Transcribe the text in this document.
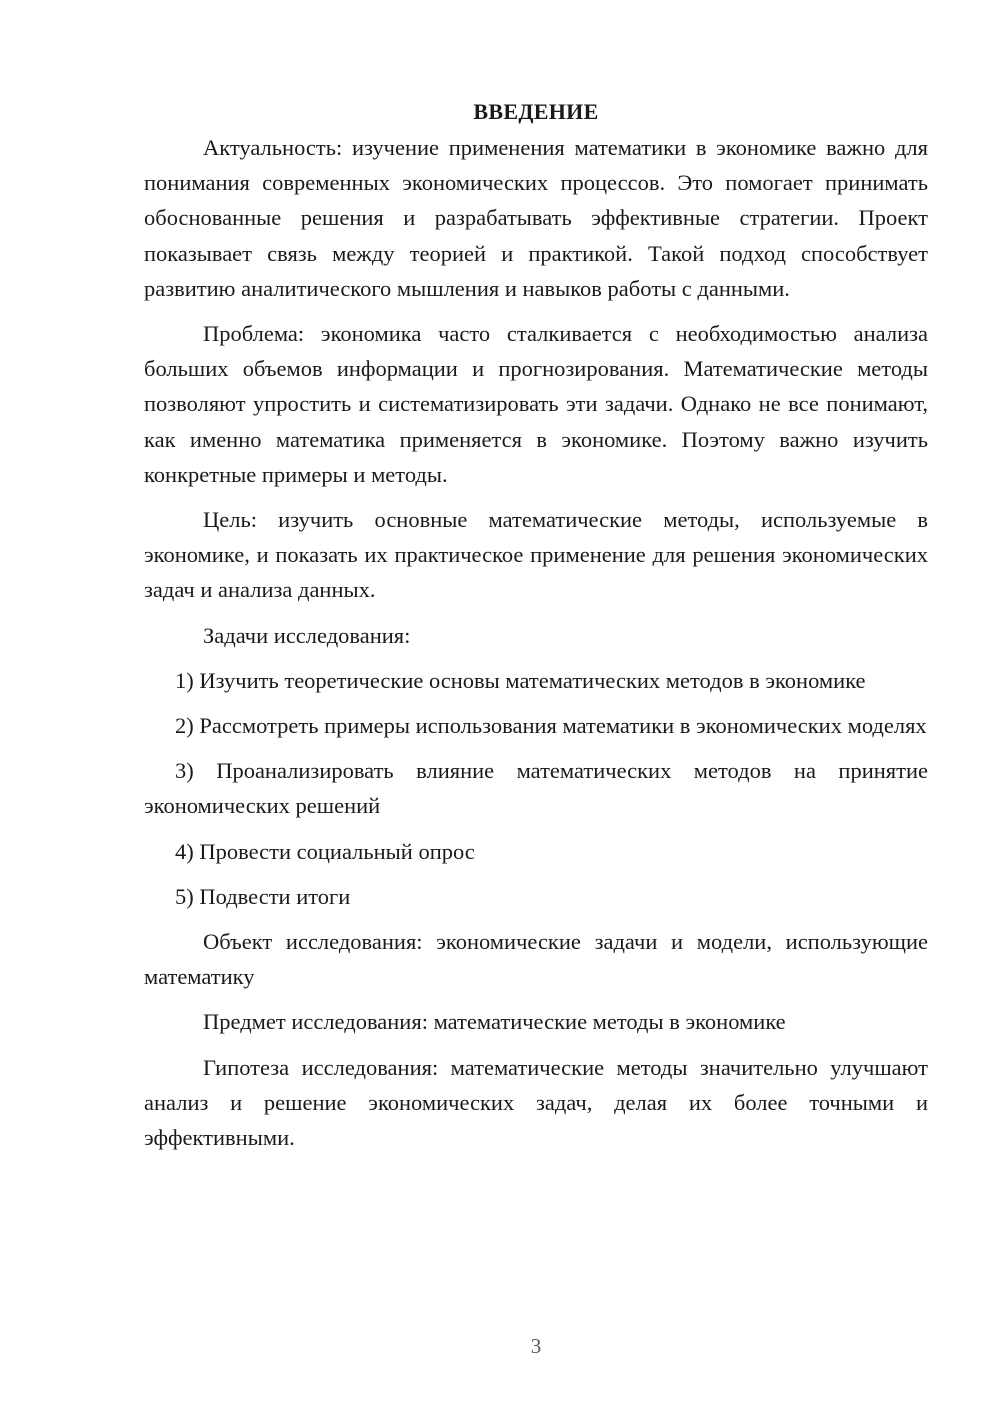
ВВЕДЕНИЕ

Актуальность: изучение применения математики в экономике важно для понимания современных экономических процессов. Это помогает принимать обоснованные решения и разрабатывать эффективные стратегии. Проект показывает связь между теорией и практикой. Такой подход способствует развитию аналитического мышления и навыков работы с данными.

Проблема: экономика часто сталкивается с необходимостью анализа больших объемов информации и прогнозирования. Математические методы позволяют упростить и систематизировать эти задачи. Однако не все понимают, как именно математика применяется в экономике. Поэтому важно изучить конкретные примеры и методы.

Цель: изучить основные математические методы, используемые в экономике, и показать их практическое применение для решения экономических задач и анализа данных.

Задачи исследования:

1) Изучить теоретические основы математических методов в экономике

2) Рассмотреть примеры использования математики в экономических моделях

3) Проанализировать влияние математических методов на принятие экономических решений

4) Провести социальный опрос

5) Подвести итоги

Объект исследования: экономические задачи и модели, использующие математику

Предмет исследования: математические методы в экономике

Гипотеза исследования: математические методы значительно улучшают анализ и решение экономических задач, делая их более точными и эффективными.

3
